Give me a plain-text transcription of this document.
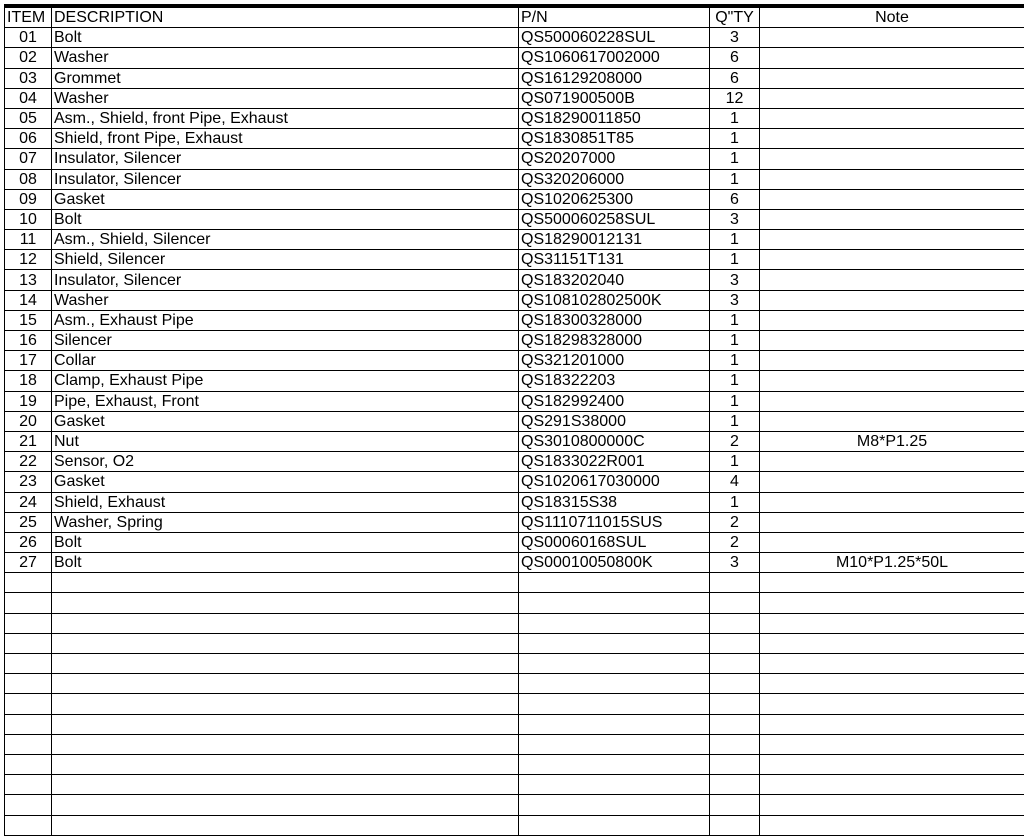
ITEM	DESCRIPTION	P/N	Q"TY	Note
01	Bolt	QS500060228SUL	3	
02	Washer	QS1060617002000	6	
03	Grommet	QS16129208000	6	
04	Washer	QS071900500B	12	
05	Asm., Shield, front Pipe, Exhaust	QS18290011850	1	
06	Shield, front Pipe, Exhaust	QS1830851T85	1	
07	Insulator, Silencer	QS20207000	1	
08	Insulator, Silencer	QS320206000	1	
09	Gasket	QS1020625300	6	
10	Bolt	QS500060258SUL	3	
11	Asm., Shield, Silencer	QS18290012131	1	
12	Shield, Silencer	QS31151T131	1	
13	Insulator, Silencer	QS183202040	3	
14	Washer	QS108102802500K	3	
15	Asm., Exhaust Pipe	QS18300328000	1	
16	Silencer	QS18298328000	1	
17	Collar	QS321201000	1	
18	Clamp, Exhaust Pipe	QS18322203	1	
19	Pipe, Exhaust, Front	QS182992400	1	
20	Gasket	QS291S38000	1	
21	Nut	QS3010800000C	2	M8*P1.25
22	Sensor, O2	QS1833022R001	1	
23	Gasket	QS1020617030000	4	
24	Shield, Exhaust	QS18315S38	1	
25	Washer, Spring	QS1110711015SUS	2	
26	Bolt	QS00060168SUL	2	
27	Bolt	QS00010050800K	3	M10*P1.25*50L
